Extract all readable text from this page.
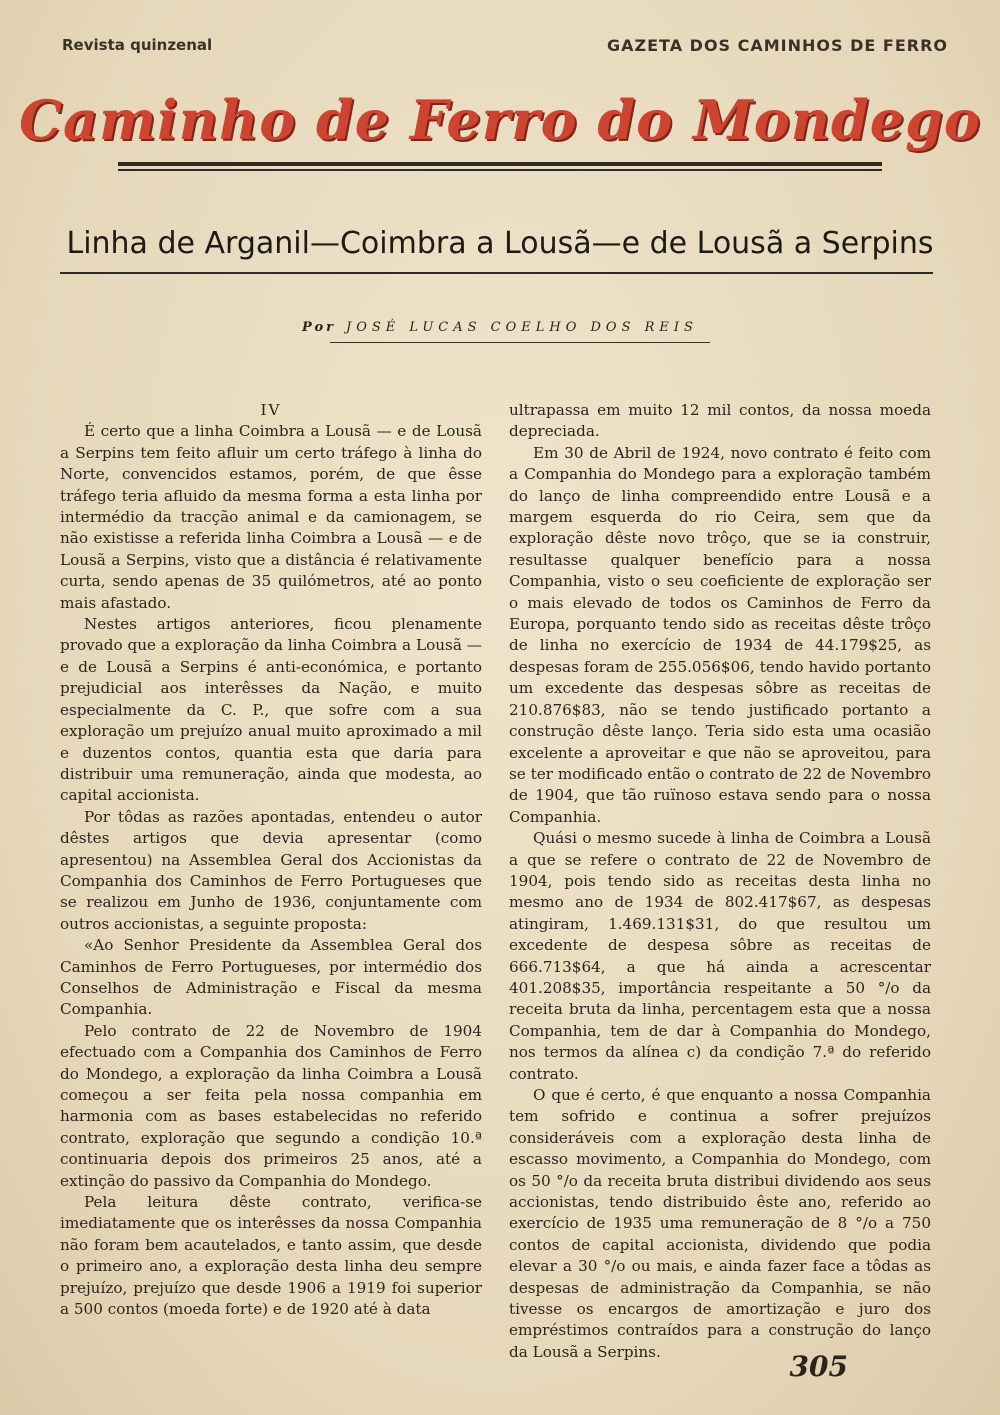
Revista quinzenal	GAZETA DOS CAMINHOS DE FERRO
Caminho de Ferro do Mondego
Linha de Arganil—Coimbra a Lousã—e de Lousã a Serpins
Por JOSÉ LUCAS COELHO DOS REIS

IV

É certo que a linha Coimbra a Lousã — e de Lousã a Serpins tem feito afluir um certo tráfego à linha do Norte, convencidos estamos, porém, de que êsse tráfego teria afluido da mesma forma a esta linha por intermédio da tracção animal e da camionagem, se não existisse a referida linha Coimbra a Lousã — e de Lousã a Serpins, visto que a distância é relativamente curta, sendo apenas de 35 quilómetros, até ao ponto mais afastado.

Nestes artigos anteriores, ficou plenamente provado que a exploração da linha Coimbra a Lousã — e de Lousã a Serpins é anti-económica, e portanto prejudicial aos interêsses da Nação, e muito especialmente da C. P., que sofre com a sua exploração um prejuízo anual muito aproximado a mil e duzentos contos, quantia esta que daria para distribuir uma remuneração, ainda que modesta, ao capital accionista.

Por tôdas as razões apontadas, entendeu o autor dêstes artigos que devia apresentar (como apresentou) na Assemblea Geral dos Accionistas da Companhia dos Caminhos de Ferro Portugueses que se realizou em Junho de 1936, conjuntamente com outros accionistas, a seguinte proposta:

«Ao Senhor Presidente da Assemblea Geral dos Caminhos de Ferro Portugueses, por intermédio dos Conselhos de Administração e Fiscal da mesma Companhia.

Pelo contrato de 22 de Novembro de 1904 efectuado com a Companhia dos Caminhos de Ferro do Mondego, a exploração da linha Coimbra a Lousã começou a ser feita pela nossa companhia em harmonia com as bases estabelecidas no referido contrato, exploração que segundo a condição 10.ª continuaria depois dos primeiros 25 anos, até a extinção do passivo da Companhia do Mondego.

Pela leitura dêste contrato, verifica-se imediatamente que os interêsses da nossa Companhia não foram bem acautelados, e tanto assim, que desde o primeiro ano, a exploração desta linha deu sempre prejuízo, prejuízo que desde 1906 a 1919 foi superior a 500 contos (moeda forte) e de 1920 até à data

ultrapassa em muito 12 mil contos, da nossa moeda depreciada.

Em 30 de Abril de 1924, novo contrato é feito com a Companhia do Mondego para a exploração também do lanço de linha compreendido entre Lousã e a margem esquerda do rio Ceira, sem que da exploração dêste novo trôço, que se ia construir, resultasse qualquer benefício para a nossa Companhia, visto o seu coeficiente de exploração ser o mais elevado de todos os Caminhos de Ferro da Europa, porquanto tendo sido as receitas dêste trôço de linha no exercício de 1934 de 44.179$25, as despesas foram de 255.056$06, tendo havido portanto um excedente das despesas sôbre as receitas de 210.876$83, não se tendo justificado portanto a construção dêste lanço. Teria sido esta uma ocasião excelente a aproveitar e que não se aproveitou, para se ter modificado então o contrato de 22 de Novembro de 1904, que tão ruïnoso estava sendo para o nossa Companhia.

Quási o mesmo sucede à linha de Coimbra a Lousã a que se refere o contrato de 22 de Novembro de 1904, pois tendo sido as receitas desta linha no mesmo ano de 1934 de 802.417$67, as despesas atingiram, 1.469.131$31, do que resultou um excedente de despesa sôbre as receitas de 666.713$64, a que há ainda a acrescentar 401.208$35, importância respeitante a 50 °/o da receita bruta da linha, percentagem esta que a nossa Companhia, tem de dar à Companhia do Mondego, nos termos da alínea c) da condição 7.ª do referido contrato.

O que é certo, é que enquanto a nossa Companhia tem sofrido e continua a sofrer prejuízos consideráveis com a exploração desta linha de escasso movimento, a Companhia do Mondego, com os 50 °/o da receita bruta distribui dividendo aos seus accionistas, tendo distribuido êste ano, referido ao exercício de 1935 uma remuneração de 8 °/o a 750 contos de capital accionista, dividendo que podia elevar a 30 °/o ou mais, e ainda fazer face a tôdas as despesas de administração da Companhia, se não tivesse os encargos de amortização e juro dos empréstimos contraídos para a construção do lanço da Lousã a Serpins.	305
